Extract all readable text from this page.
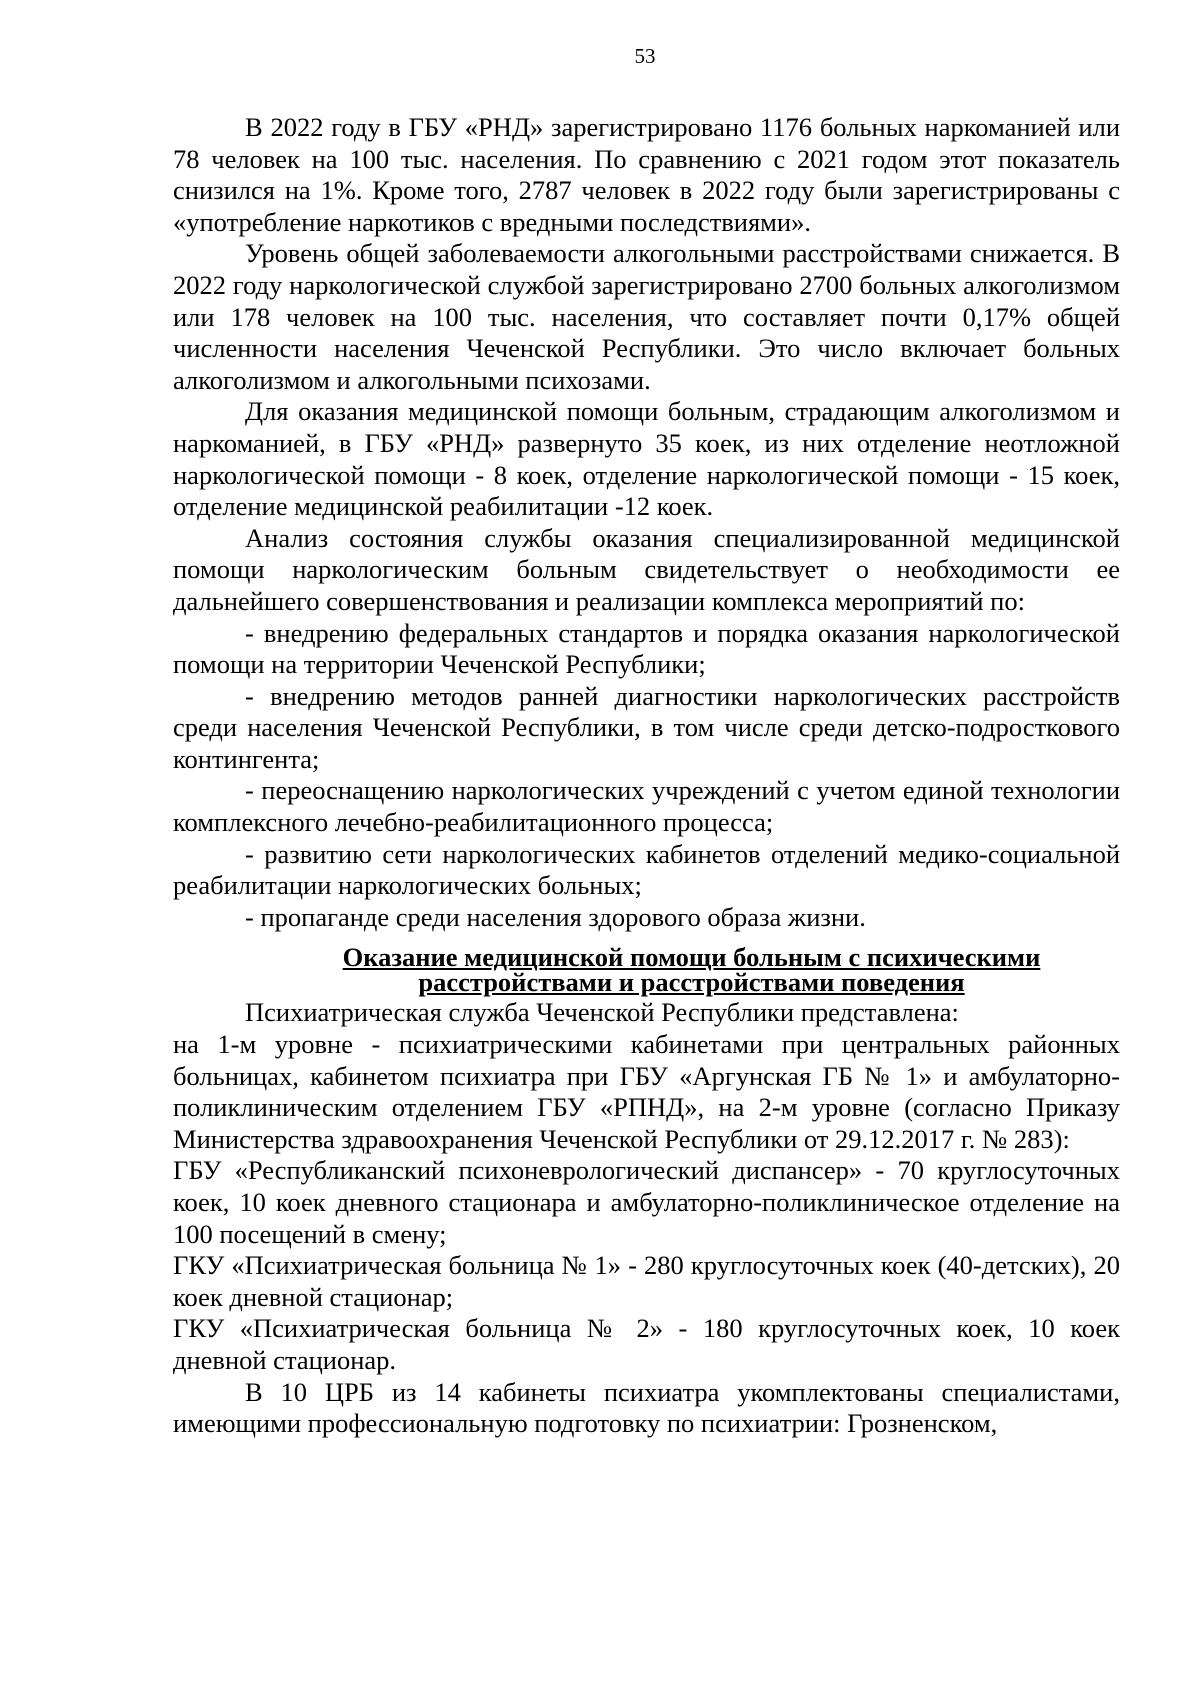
53

В 2022 году в ГБУ «РНД» зарегистрировано 1176 больных наркоманией или 78 человек на 100 тыс. населения. По сравнению с 2021 годом этот показатель снизился на 1%. Кроме того, 2787 человек в 2022 году были зарегистрированы с «употребление наркотиков с вредными последствиями».

Уровень общей заболеваемости алкогольными расстройствами снижается. В 2022 году наркологической службой зарегистрировано 2700 больных алкоголизмом или 178 человек на 100 тыс. населения, что составляет почти 0,17% общей численности населения Чеченской Республики. Это число включает больных алкоголизмом и алкогольными психозами.

Для оказания медицинской помощи больным, страдающим алкоголизмом и наркоманией, в ГБУ «РНД» развернуто 35 коек, из них отделение неотложной наркологической помощи - 8 коек, отделение наркологической помощи - 15 коек, отделение медицинской реабилитации -12 коек.

Анализ состояния службы оказания специализированной медицинской помощи наркологическим больным свидетельствует о необходимости ее дальнейшего совершенствования и реализации комплекса мероприятий по:

- внедрению федеральных стандартов и порядка оказания наркологической помощи на территории Чеченской Республики;

- внедрению методов ранней диагностики наркологических расстройств среди населения Чеченской Республики, в том числе среди детско-подросткового контингента;

- переоснащению наркологических учреждений с учетом единой технологии комплексного лечебно-реабилитационного процесса;

- развитию сети наркологических кабинетов отделений медико-социальной реабилитации наркологических больных;

- пропаганде среди населения здорового образа жизни.

Оказание медицинской помощи больным с психическими расстройствами и расстройствами поведения

Психиатрическая служба Чеченской Республики представлена:

на 1-м уровне - психиатрическими кабинетами при центральных районных больницах, кабинетом психиатра при ГБУ «Аргунская ГБ № 1» и амбулаторно-поликлиническим отделением ГБУ «РПНД», на 2-м уровне (согласно Приказу Министерства здравоохранения Чеченской Республики от 29.12.2017 г. № 283):

ГБУ «Республиканский психоневрологический диспансер» - 70 круглосуточных коек, 10 коек дневного стационара и амбулаторно-поликлиническое отделение на 100 посещений в смену;

ГКУ «Психиатрическая больница № 1» - 280 круглосуточных коек (40-детских), 20 коек дневной стационар;

ГКУ «Психиатрическая больница № 2» - 180 круглосуточных коек, 10 коек дневной стационар.

В 10 ЦРБ из 14 кабинеты психиатра укомплектованы специалистами, имеющими профессиональную подготовку по психиатрии: Грозненском,
